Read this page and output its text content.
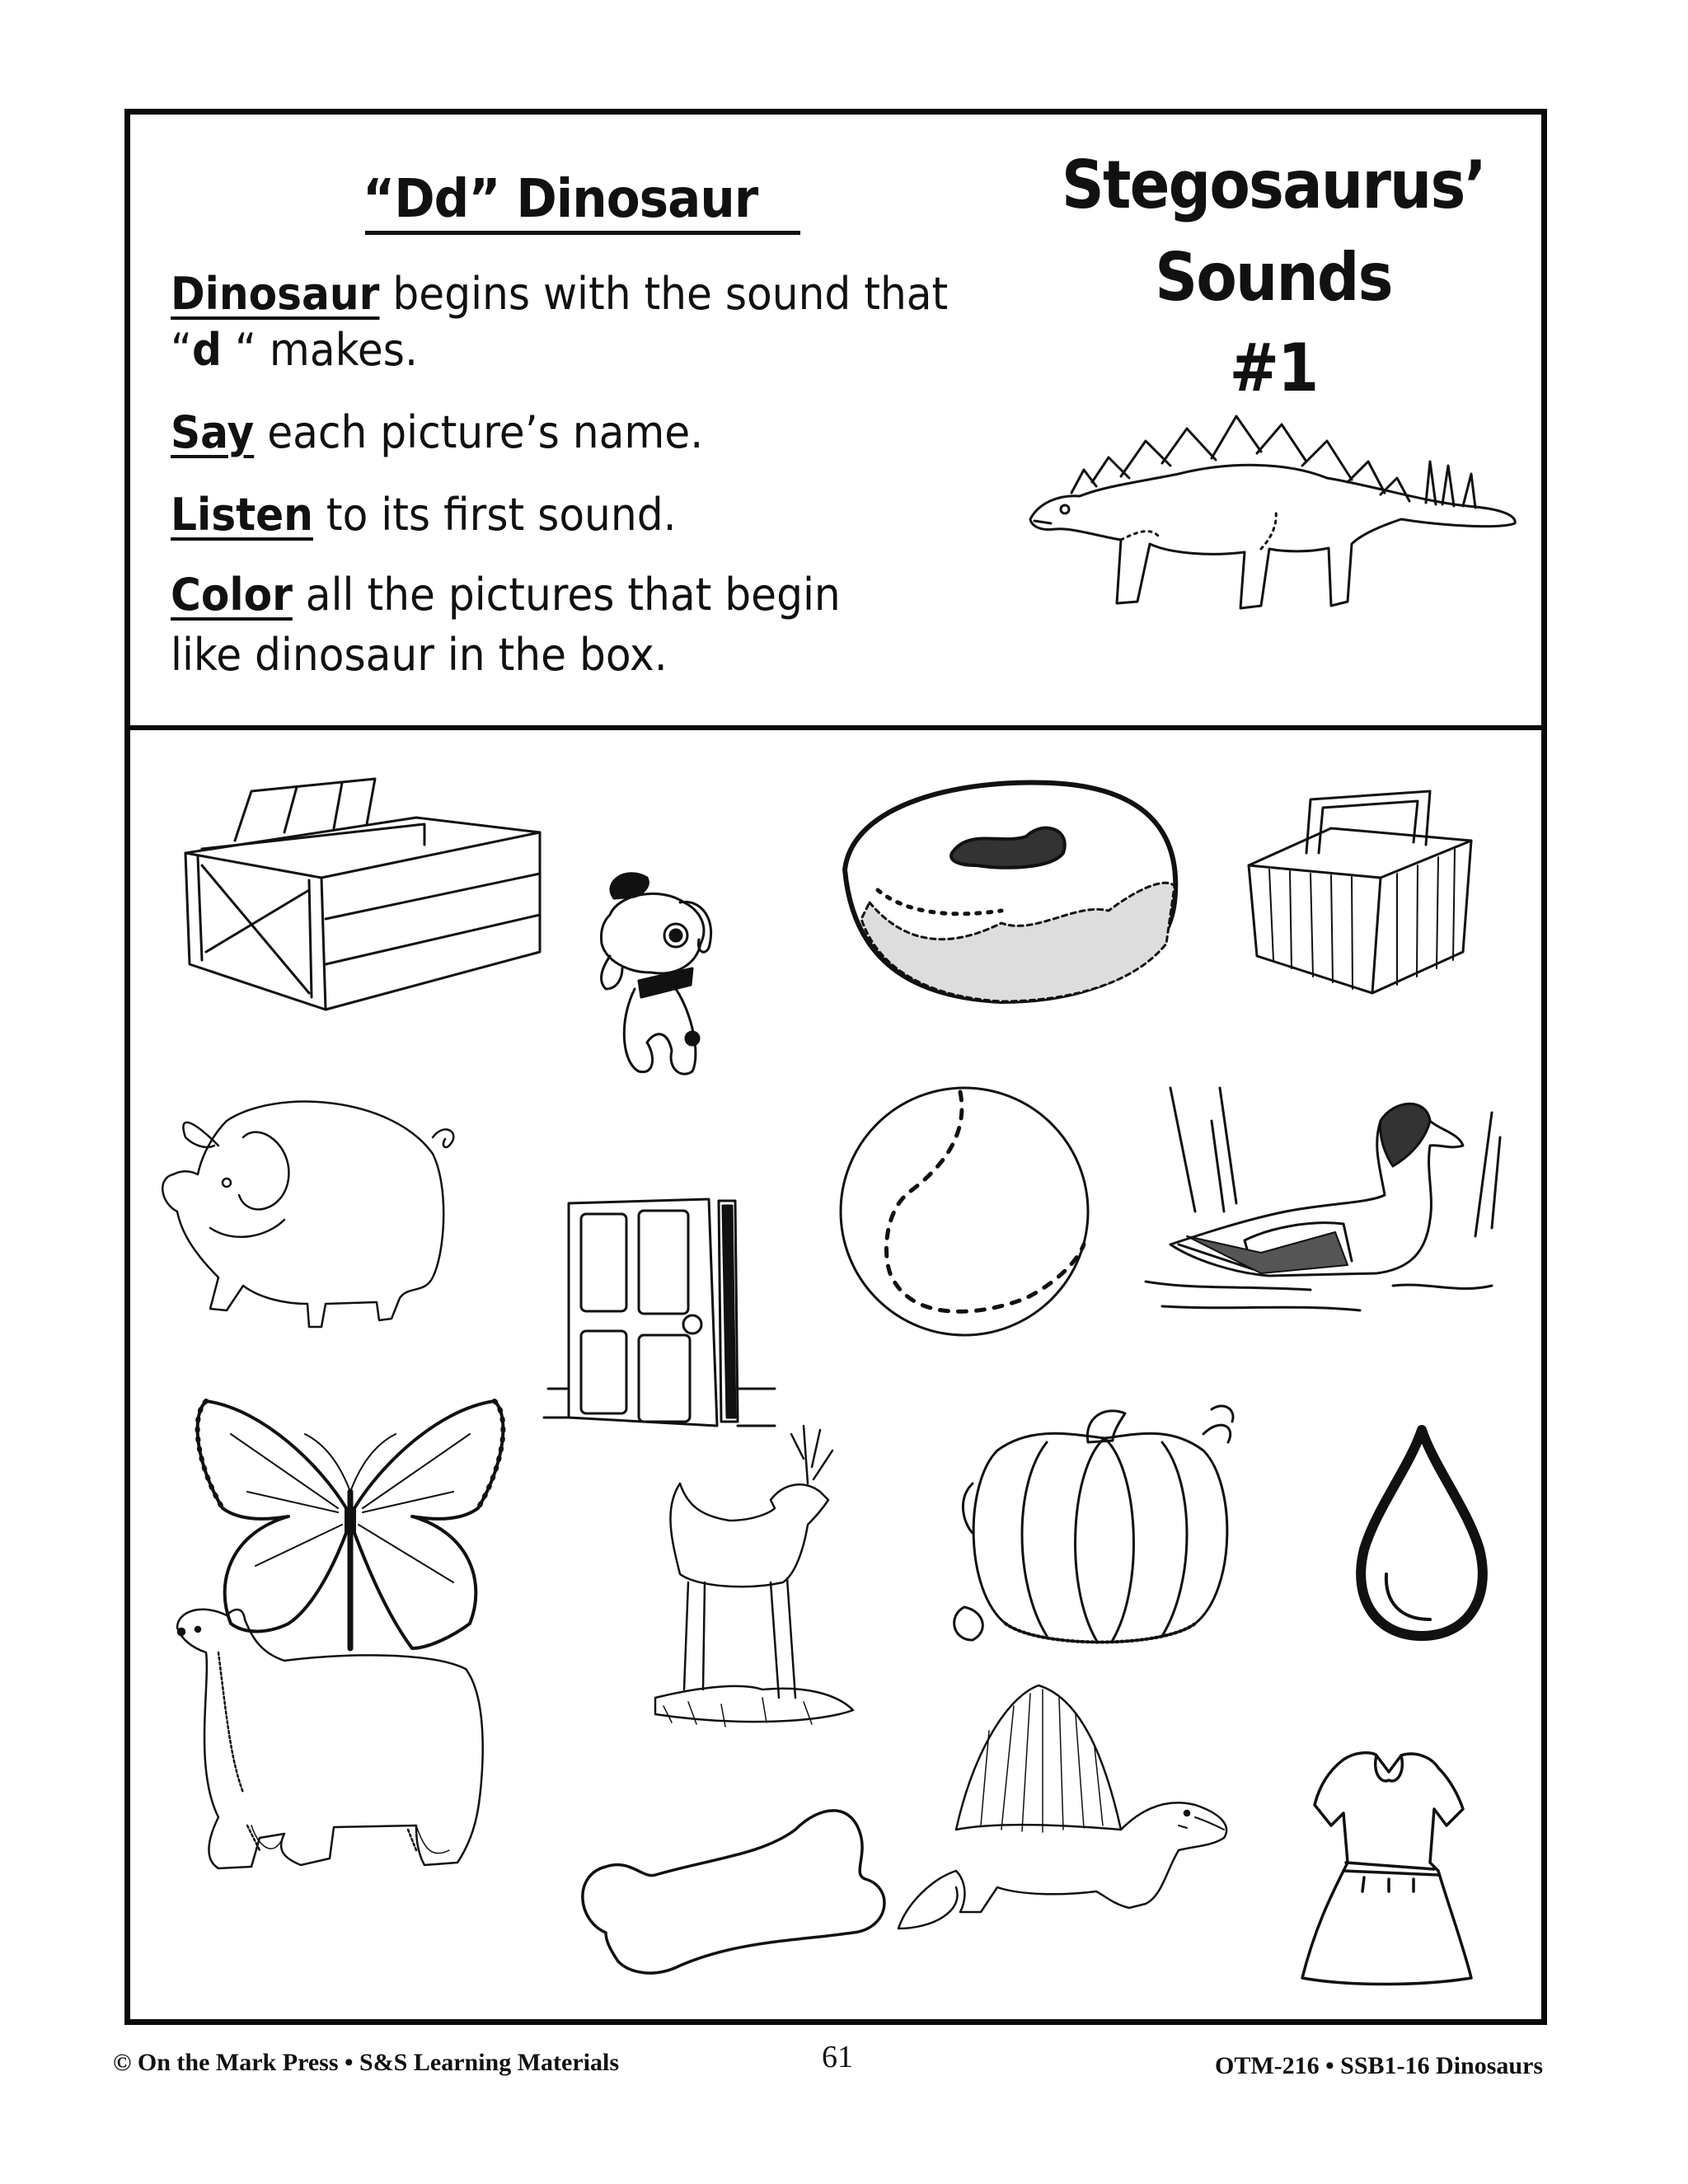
“Dd” Dinosaur
Dinosaur begins with the sound that
“d “ makes.
Say each picture’s name.
Listen to its first sound.
Color all the pictures that begin
like dinosaur in the box.
Stegosaurus’
Sounds
#1
© On the Mark Press • S&S Learning Materials	61	OTM-216 • SSB1-16 Dinosaurs
